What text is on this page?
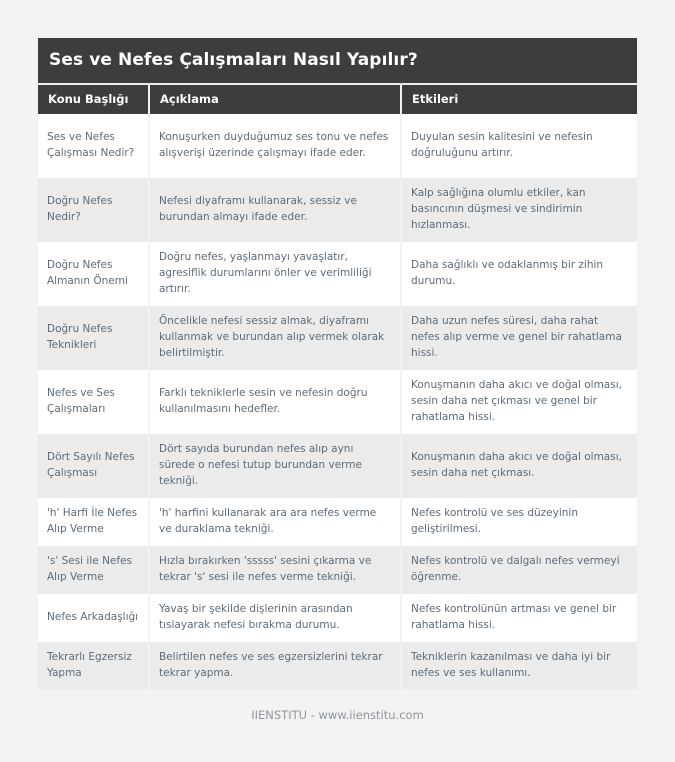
Ses ve Nefes Çalışmaları Nasıl Yapılır?
Konu Başlığı	Açıklama	Etkileri
Ses ve Nefes Çalışması Nedir?
Konuşurken duyduğumuz ses tonu ve nefes alışverişi üzerinde çalışmayı ifade eder.
Duyulan sesin kalitesini ve nefesin doğruluğunu artırır.
Doğru Nefes Nedir?
Nefesi diyaframı kullanarak, sessiz ve burundan almayı ifade eder.
Kalp sağlığına olumlu etkiler, kan basıncının düşmesi ve sindirimin hızlanması.
Doğru Nefes Almanın Önemi
Doğru nefes, yaşlanmayı yavaşlatır, agresiflik durumlarını önler ve verimliliği artırır.
Daha sağlıklı ve odaklanmış bir zihin durumu.
Doğru Nefes Teknikleri
Öncelikle nefesi sessiz almak, diyaframı kullanmak ve burundan alıp vermek olarak belirtilmiştir.
Daha uzun nefes süresi, daha rahat nefes alıp verme ve genel bir rahatlama hissi.
Nefes ve Ses Çalışmaları
Farklı tekniklerle sesin ve nefesin doğru kullanılmasını hedefler.
Konuşmanın daha akıcı ve doğal olması, sesin daha net çıkması ve genel bir rahatlama hissi.
Dört Sayılı Nefes Çalışması
Dört sayıda burundan nefes alıp aynı sürede o nefesi tutup burundan verme tekniği.
Konuşmanın daha akıcı ve doğal olması, sesin daha net çıkması.
'h' Harfi İle Nefes Alıp Verme
'h' harfini kullanarak ara ara nefes verme ve duraklama tekniği.
Nefes kontrolü ve ses düzeyinin geliştirilmesi.
's' Sesi ile Nefes Alıp Verme
Hızla bırakırken 'sssss' sesini çıkarma ve tekrar 's' sesi ile nefes verme tekniği.
Nefes kontrolü ve dalgalı nefes vermeyi öğrenme.
Nefes Arkadaşlığı
Yavaş bir şekilde dişlerinin arasından tıslayarak nefesi bırakma durumu.
Nefes kontrolünün artması ve genel bir rahatlama hissi.
Tekrarlı Egzersiz Yapma
Belirtilen nefes ve ses egzersizlerini tekrar tekrar yapma.
Tekniklerin kazanılması ve daha iyi bir nefes ve ses kullanımı.
IIENSTITU - www.iienstitu.com
